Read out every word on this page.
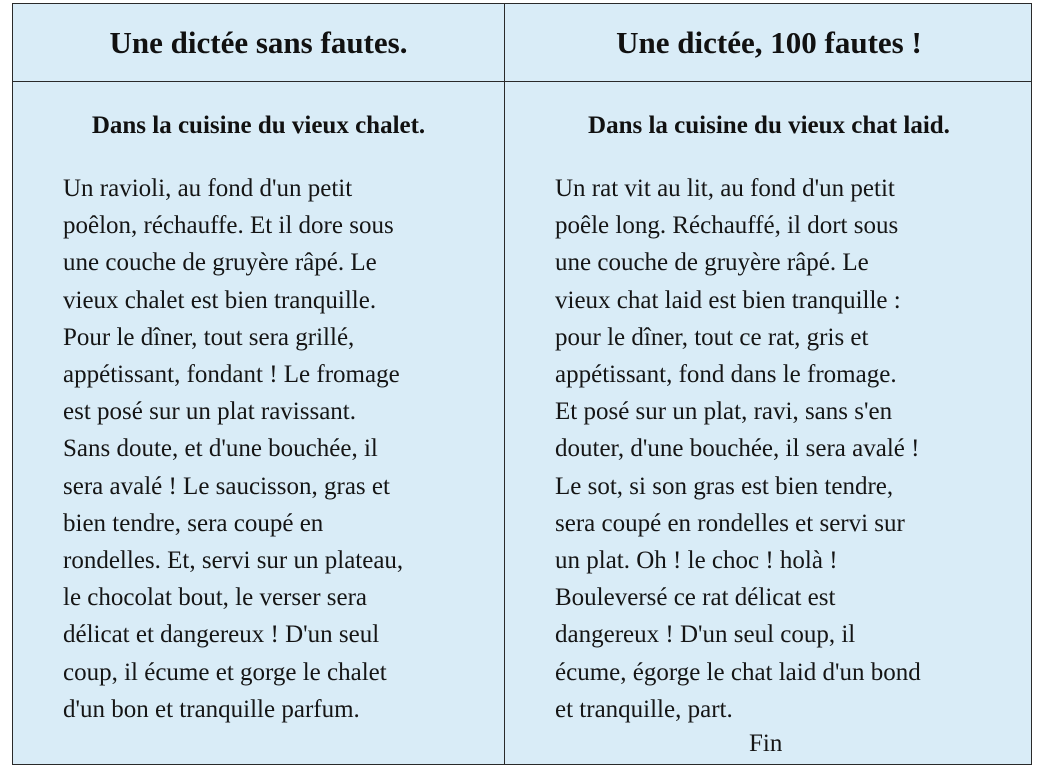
Une dictée sans fautes.
Dans la cuisine du vieux chalet.
Un ravioli, au fond d'un petit
poêlon, réchauffe. Et il dore sous
une couche de gruyère râpé. Le
vieux chalet est bien tranquille.
Pour le dîner, tout sera grillé,
appétissant, fondant ! Le fromage
est posé sur un plat ravissant.
Sans doute, et d'une bouchée, il
sera avalé ! Le saucisson, gras et
bien tendre, sera coupé en
rondelles. Et, servi sur un plateau,
le chocolat bout, le verser sera
délicat et dangereux ! D'un seul
coup, il écume et gorge le chalet
d'un bon et tranquille parfum.
Une dictée, 100 fautes !
Dans la cuisine du vieux chat laid.
Un rat vit au lit, au fond d'un petit
poêle long. Réchauffé, il dort sous
une couche de gruyère râpé. Le
vieux chat laid est bien tranquille :
pour le dîner, tout ce rat, gris et
appétissant, fond dans le fromage.
Et posé sur un plat, ravi, sans s'en
douter, d'une bouchée, il sera avalé !
Le sot, si son gras est bien tendre,
sera coupé en rondelles et servi sur
un plat. Oh ! le choc ! holà !
Bouleversé ce rat délicat est
dangereux ! D'un seul coup, il
écume, égorge le chat laid d'un bond
et tranquille, part.
Fin
